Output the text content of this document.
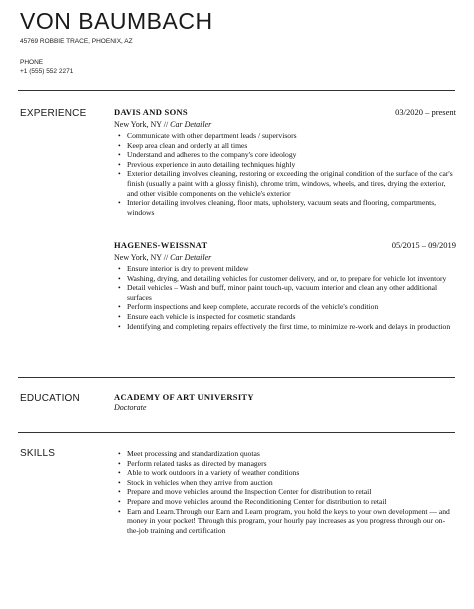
VON BAUMBACH
45769 ROBBIE TRACE, PHOENIX, AZ
PHONE
+1 (555) 552 2271
EXPERIENCE	DAVIS AND SONS	03/2020 – present
New York, NY // Car Detailer
• Communicate with other department leads / supervisors
• Keep area clean and orderly at all times
• Understand and adheres to the company's core ideology
• Previous experience in auto detailing techniques highly
• Exterior detailing involves cleaning, restoring or exceeding the original condition of the surface of the car's finish (usually a paint with a glossy finish), chrome trim, windows, wheels, and tires, drying the exterior, and other visible components on the vehicle's exterior
• Interior detailing involves cleaning, floor mats, upholstery, vacuum seats and flooring, compartments, windows
HAGENES-WEISSNAT	05/2015 – 09/2019
New York, NY // Car Detailer
• Ensure interior is dry to prevent mildew
• Washing, drying, and detailing vehicles for customer delivery, and or, to prepare for vehicle lot inventory
• Detail vehicles – Wash and buff, minor paint touch-up, vacuum interior and clean any other additional surfaces
• Perform inspections and keep complete, accurate records of the vehicle's condition
• Ensure each vehicle is inspected for cosmetic standards
• Identifying and completing repairs effectively the first time, to minimize re-work and delays in production
EDUCATION	ACADEMY OF ART UNIVERSITY
Doctorate
SKILLS	• Meet processing and standardization quotas
• Perform related tasks as directed by managers
• Able to work outdoors in a variety of weather conditions
• Stock in vehicles when they arrive from auction
• Prepare and move vehicles around the Inspection Center for distribution to retail
• Prepare and move vehicles around the Reconditioning Center for distribution to retail
• Earn and Learn.Through our Earn and Learn program, you hold the keys to your own development — and money in your pocket! Through this program, your hourly pay increases as you progress through our on-the-job training and certification
